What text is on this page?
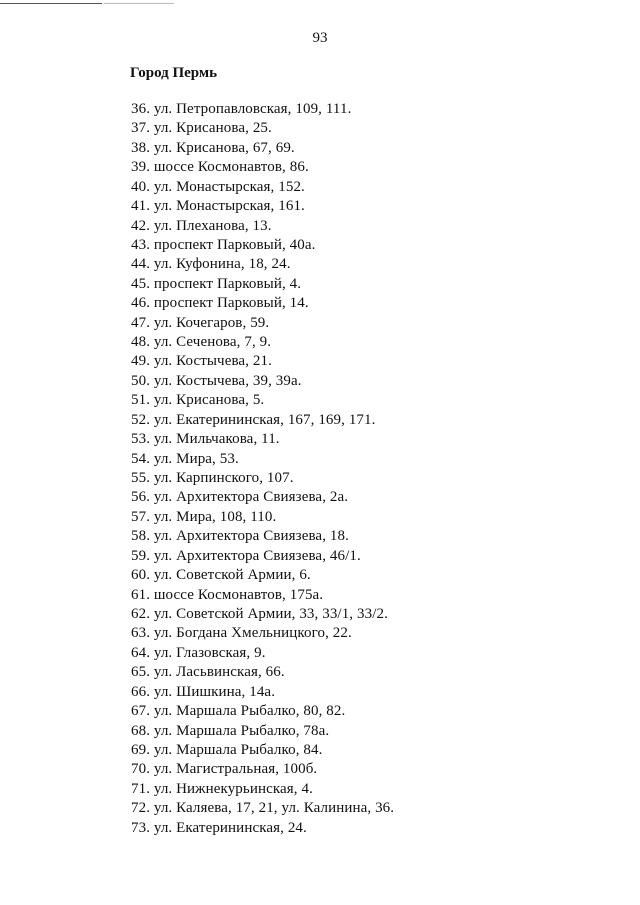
93
Город Пермь
36. ул. Петропавловская, 109, 111.
37. ул. Крисанова, 25.
38. ул. Крисанова, 67, 69.
39. шоссе Космонавтов, 86.
40. ул. Монастырская, 152.
41. ул. Монастырская, 161.
42. ул. Плеханова, 13.
43. проспект Парковый, 40а.
44. ул. Куфонина, 18, 24.
45. проспект Парковый, 4.
46. проспект Парковый, 14.
47. ул. Кочегаров, 59.
48. ул. Сеченова, 7, 9.
49. ул. Костычева, 21.
50. ул. Костычева, 39, 39а.
51. ул. Крисанова, 5.
52. ул. Екатерининская, 167, 169, 171.
53. ул. Мильчакова, 11.
54. ул. Мира, 53.
55. ул. Карпинского, 107.
56. ул. Архитектора Свиязева, 2а.
57. ул. Мира, 108, 110.
58. ул. Архитектора Свиязева, 18.
59. ул. Архитектора Свиязева, 46/1.
60. ул. Советской Армии, 6.
61. шоссе Космонавтов, 175а.
62. ул. Советской Армии, 33, 33/1, 33/2.
63. ул. Богдана Хмельницкого, 22.
64. ул. Глазовская, 9.
65. ул. Ласьвинская, 66.
66. ул. Шишкина, 14а.
67. ул. Маршала Рыбалко, 80, 82.
68. ул. Маршала Рыбалко, 78а.
69. ул. Маршала Рыбалко, 84.
70. ул. Магистральная, 100б.
71. ул. Нижнекурьинская, 4.
72. ул. Каляева, 17, 21, ул. Калинина, 36.
73. ул. Екатерининская, 24.
